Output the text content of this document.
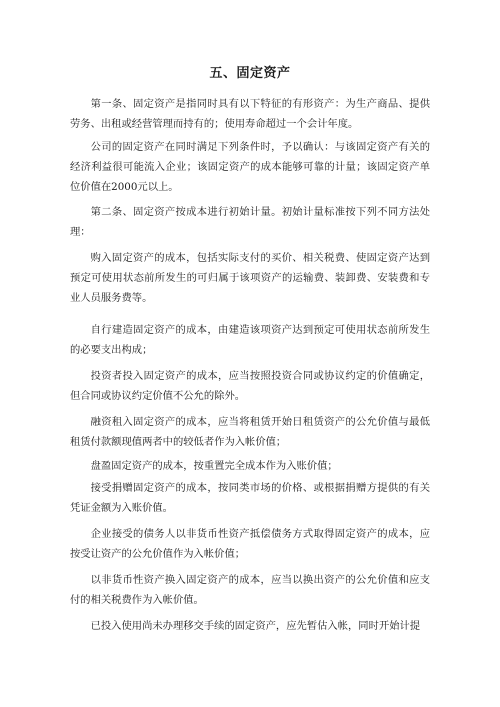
五、固定资产

第一条、固定资产是指同时具有以下特征的有形资产：为生产商品、提供劳务、出租或经营管理而持有的；使用寿命超过一个会计年度。

公司的固定资产在同时满足下列条件时，予以确认：与该固定资产有关的经济利益很可能流入企业；该固定资产的成本能够可靠的计量；该固定资产单位价值在2000元以上。

第二条、固定资产按成本进行初始计量。初始计量标准按下列不同方法处理：

购入固定资产的成本，包括实际支付的买价、相关税费、使固定资产达到预定可使用状态前所发生的可归属于该项资产的运输费、装卸费、安装费和专业人员服务费等。

自行建造固定资产的成本，由建造该项资产达到预定可使用状态前所发生的必要支出构成；

投资者投入固定资产的成本，应当按照投资合同或协议约定的价值确定，但合同或协议约定价值不公允的除外。

融资租入固定资产的成本，应当将租赁开始日租赁资产的公允价值与最低租赁付款额现值两者中的较低者作为入帐价值；

盘盈固定资产的成本，按重置完全成本作为入账价值；

接受捐赠固定资产的成本，按同类市场的价格、或根据捐赠方提供的有关凭证金额为入账价值。

企业接受的债务人以非货币性资产抵偿债务方式取得固定资产的成本，应按受让资产的公允价值作为入帐价值；

以非货币性资产换入固定资产的成本，应当以换出资产的公允价值和应支付的相关税费作为入帐价值。

已投入使用尚未办理移交手续的固定资产，应先暂估入帐，同时开始计提
